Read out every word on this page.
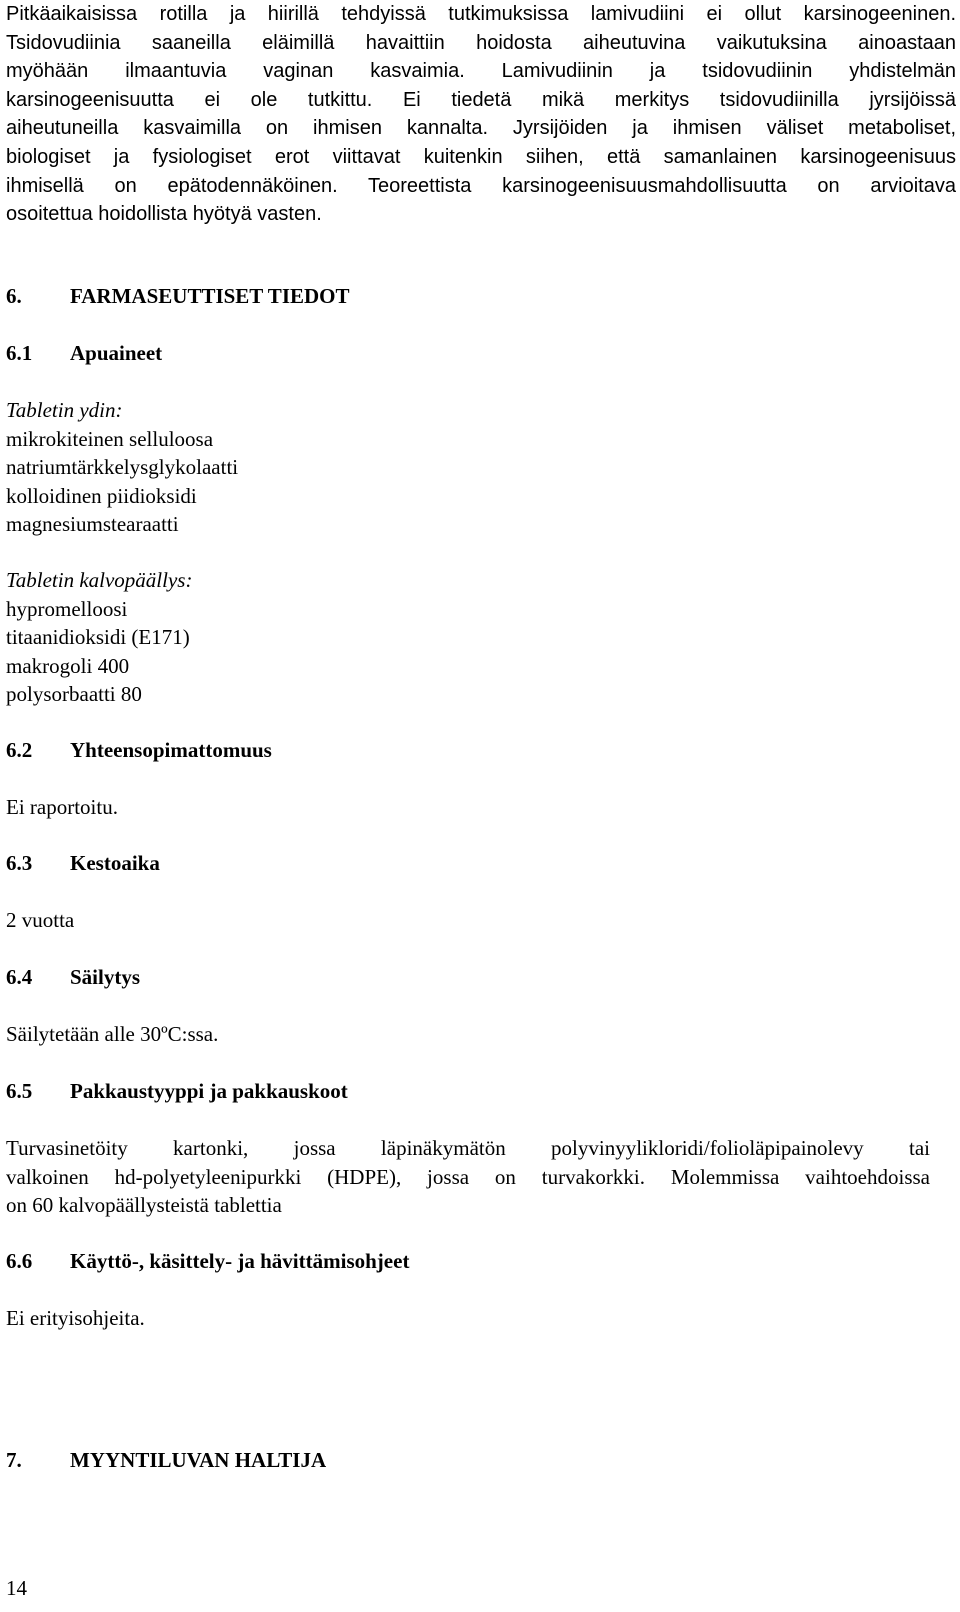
Pitkäaikaisissa rotilla ja hiirillä tehdyissä tutkimuksissa lamivudiini ei ollut karsinogeeninen.
Tsidovudiinia saaneilla eläimillä havaittiin hoidosta aiheutuvina vaikutuksina ainoastaan
myöhään ilmaantuvia vaginan kasvaimia. Lamivudiinin ja tsidovudiinin yhdistelmän
karsinogeenisuutta ei ole tutkittu. Ei tiedetä mikä merkitys tsidovudiinilla jyrsijöissä
aiheutuneilla kasvaimilla on ihmisen kannalta. Jyrsijöiden ja ihmisen väliset metaboliset,
biologiset ja fysiologiset erot viittavat kuitenkin siihen, että samanlainen karsinogeenisuus
ihmisellä on epätodennäköinen. Teoreettista karsinogeenisuusmahdollisuutta on arvioitava
osoitettua hoidollista hyötyä vasten.

6. FARMASEUTTISET TIEDOT

6.1 Apuaineet

Tabletin ydin:
mikrokiteinen selluloosa
natriumtärkkelysglykolaatti
kolloidinen piidioksidi
magnesiumstearaatti
Tabletin kalvopäällys:
hypromelloosi
titaanidioksidi (E171)
makrogoli 400
polysorbaatti 80

6.2 Yhteensopimattomuus

Ei raportoitu.

6.3 Kestoaika

2 vuotta

6.4 Säilytys

Säilytetään alle 30ºC:ssa.

6.5 Pakkaustyyppi ja pakkauskoot

Turvasinetöity kartonki, jossa läpinäkymätön polyvinyylikloridi/folioläpipainolevy tai
valkoinen hd-polyetyleenipurkki (HDPE), jossa on turvakorkki. Molemmissa vaihtoehdoissa
on 60 kalvopäällysteistä tablettia

6.6 Käyttö-, käsittely- ja hävittämisohjeet

Ei erityisohjeita.

7. MYYNTILUVAN HALTIJA

14
